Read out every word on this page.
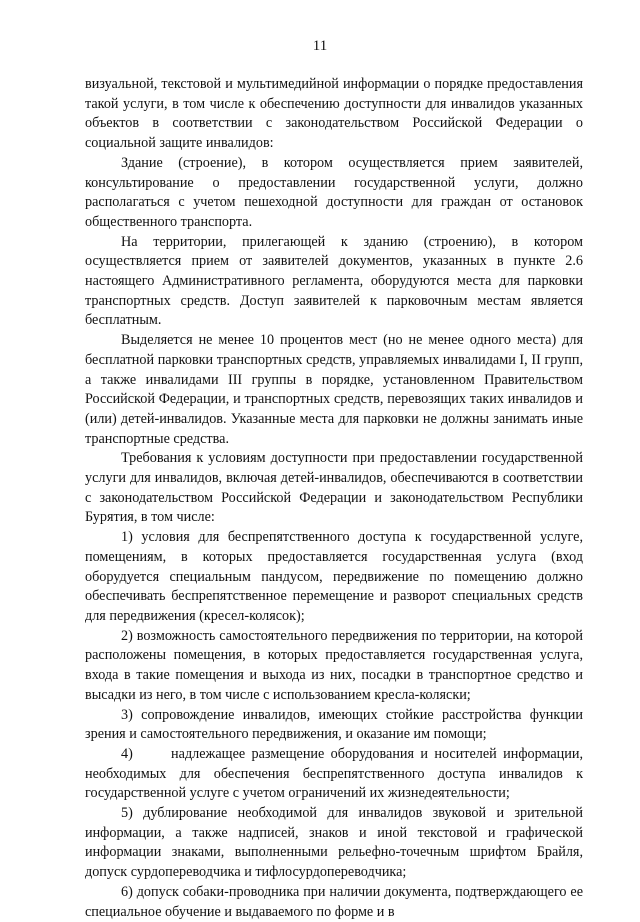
11

визуальной, текстовой и мультимедийной информации о порядке предоставления такой услуги, в том числе к обеспечению доступности для инвалидов указанных объектов в соответствии с законодательством Российской Федерации о социальной защите инвалидов:

Здание (строение), в котором осуществляется прием заявителей, консультирование о предоставлении государственной услуги, должно располагаться с учетом пешеходной доступности для граждан от остановок общественного транспорта.

На территории, прилегающей к зданию (строению), в котором осуществляется прием от заявителей документов, указанных в пункте 2.6 настоящего Административного регламента, оборудуются места для парковки транспортных средств. Доступ заявителей к парковочным местам является бесплатным.

Выделяется не менее 10 процентов мест (но не менее одного места) для бесплатной парковки транспортных средств, управляемых инвалидами I, II групп, а также инвалидами III группы в порядке, установленном Правительством Российской Федерации, и транспортных средств, перевозящих таких инвалидов и (или) детей-инвалидов. Указанные места для парковки не должны занимать иные транспортные средства.

Требования к условиям доступности при предоставлении государственной услуги для инвалидов, включая детей-инвалидов, обеспечиваются в соответствии с законодательством Российской Федерации и законодательством Республики Бурятия, в том числе:

1) условия для беспрепятственного доступа к государственной услуге, помещениям, в которых предоставляется государственная услуга (вход оборудуется специальным пандусом, передвижение по помещению должно обеспечивать беспрепятственное перемещение и разворот специальных средств для передвижения (кресел-колясок);

2) возможность самостоятельного передвижения по территории, на которой расположены помещения, в которых предоставляется государственная услуга, входа в такие помещения и выхода из них, посадки в транспортное средство и высадки из него, в том числе с использованием кресла-коляски;

3) сопровождение инвалидов, имеющих стойкие расстройства функции зрения и самостоятельного передвижения, и оказание им помощи;

4)      надлежащее размещение оборудования и носителей информации, необходимых для обеспечения беспрепятственного доступа инвалидов к государственной услуге с учетом ограничений их жизнедеятельности;

5) дублирование необходимой для инвалидов звуковой и зрительной информации, а также надписей, знаков и иной текстовой и графической информации знаками, выполненными рельефно-точечным шрифтом Брайля, допуск сурдопереводчика и тифлосурдопереводчика;

6) допуск собаки-проводника при наличии документа, подтверждающего ее специальное обучение и выдаваемого по форме и в
